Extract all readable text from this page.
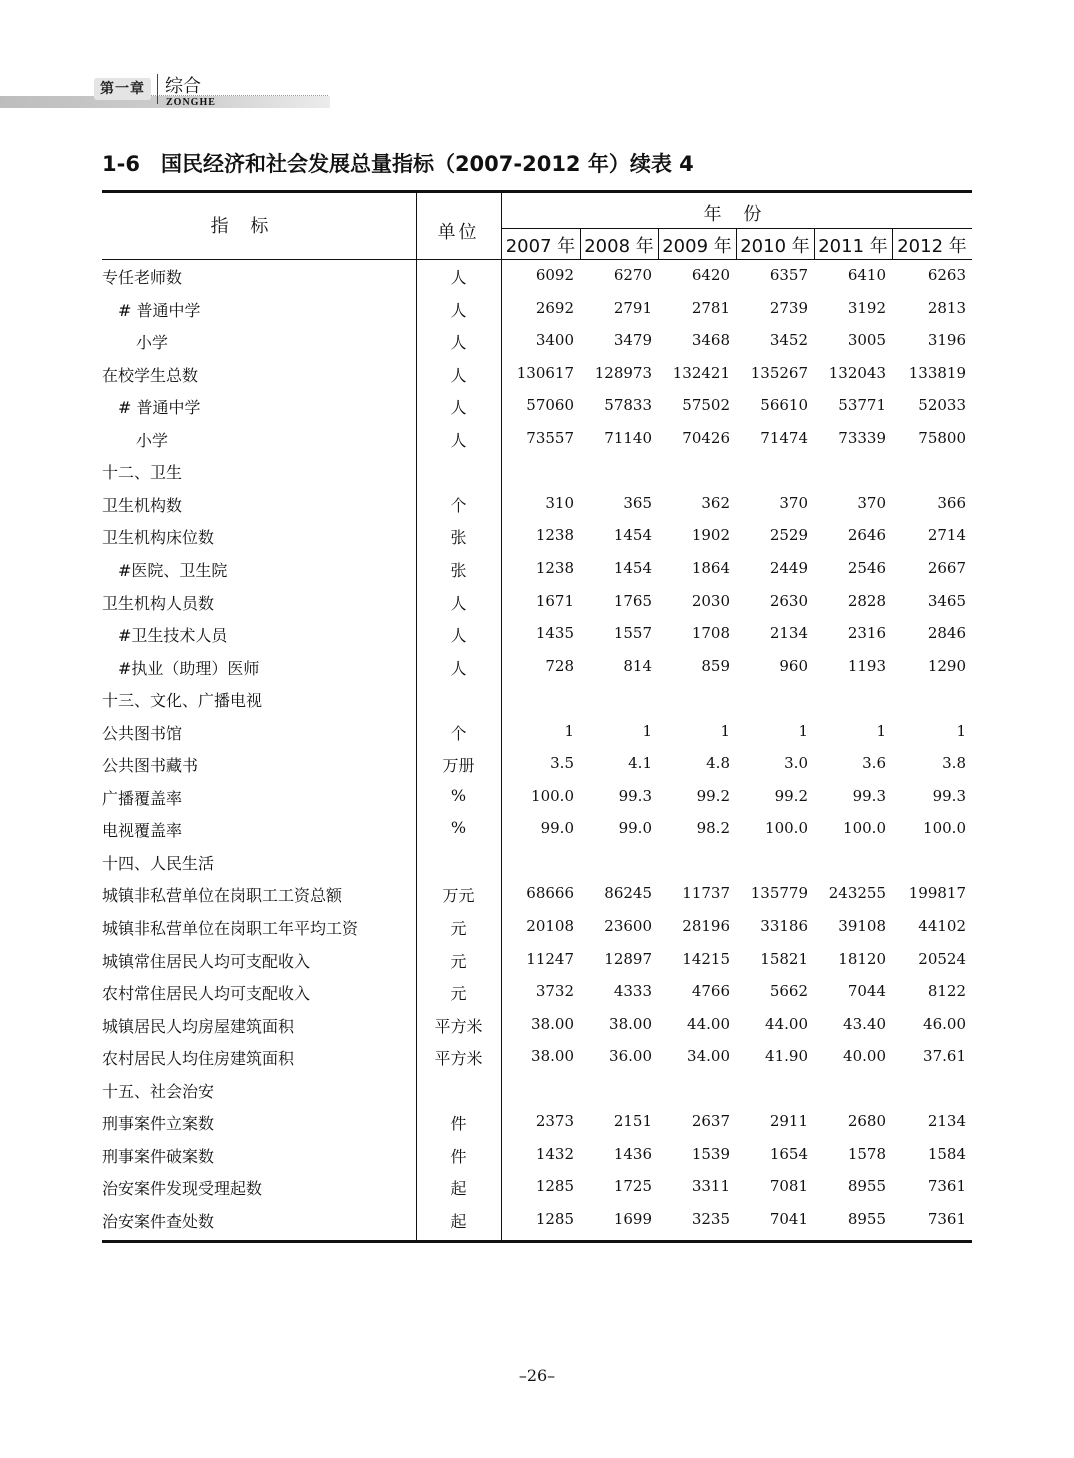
第一章	综合
ZONGHE
1-6　国民经济和社会发展总量指标（2007-2012 年）续表 4
指 标	单位
年 份
2007 年 2008 年 2009 年 2010 年 2011 年 2012 年
专任老师数	人	6092	6270	6420	6357	6410	6263
# 普通中学	人	2692	2791	2781	2739	3192	2813
小学	人	3400	3479	3468	3452	3005	3196
在校学生总数	人	130617	128973	132421	135267	132043	133819
# 普通中学	人	57060	57833	57502	56610	53771	52033
小学	人	73557	71140	70426	71474	73339	75800
十二、卫生
卫生机构数	个	310	365	362	370	370	366
卫生机构床位数	张	1238	1454	1902	2529	2646	2714
#医院、卫生院	张	1238	1454	1864	2449	2546	2667
卫生机构人员数	人	1671	1765	2030	2630	2828	3465
#卫生技术人员	人	1435	1557	1708	2134	2316	2846
#执业（助理）医师	人	728	814	859	960	1193	1290
十三、文化、广播电视
公共图书馆	个	1	1	1	1	1	1
公共图书藏书	万册	3.5	4.1	4.8	3.0	3.6	3.8
广播覆盖率	%	100.0	99.3	99.2	99.2	99.3	99.3
电视覆盖率	%	99.0	99.0	98.2	100.0	100.0	100.0
十四、人民生活
城镇非私营单位在岗职工工资总额	万元	68666	86245	11737	135779	243255	199817
城镇非私营单位在岗职工年平均工资	元	20108	23600	28196	33186	39108	44102
城镇常住居民人均可支配收入	元	11247	12897	14215	15821	18120	20524
农村常住居民人均可支配收入	元	3732	4333	4766	5662	7044	8122
城镇居民人均房屋建筑面积	平方米	38.00	38.00	44.00	44.00	43.40	46.00
农村居民人均住房建筑面积	平方米	38.00	36.00	34.00	41.90	40.00	37.61
十五、社会治安
刑事案件立案数	件	2373	2151	2637	2911	2680	2134
刑事案件破案数	件	1432	1436	1539	1654	1578	1584
治安案件发现受理起数	起	1285	1725	3311	7081	8955	7361
治安案件查处数	起	1285	1699	3235	7041	8955	7361
–26–
